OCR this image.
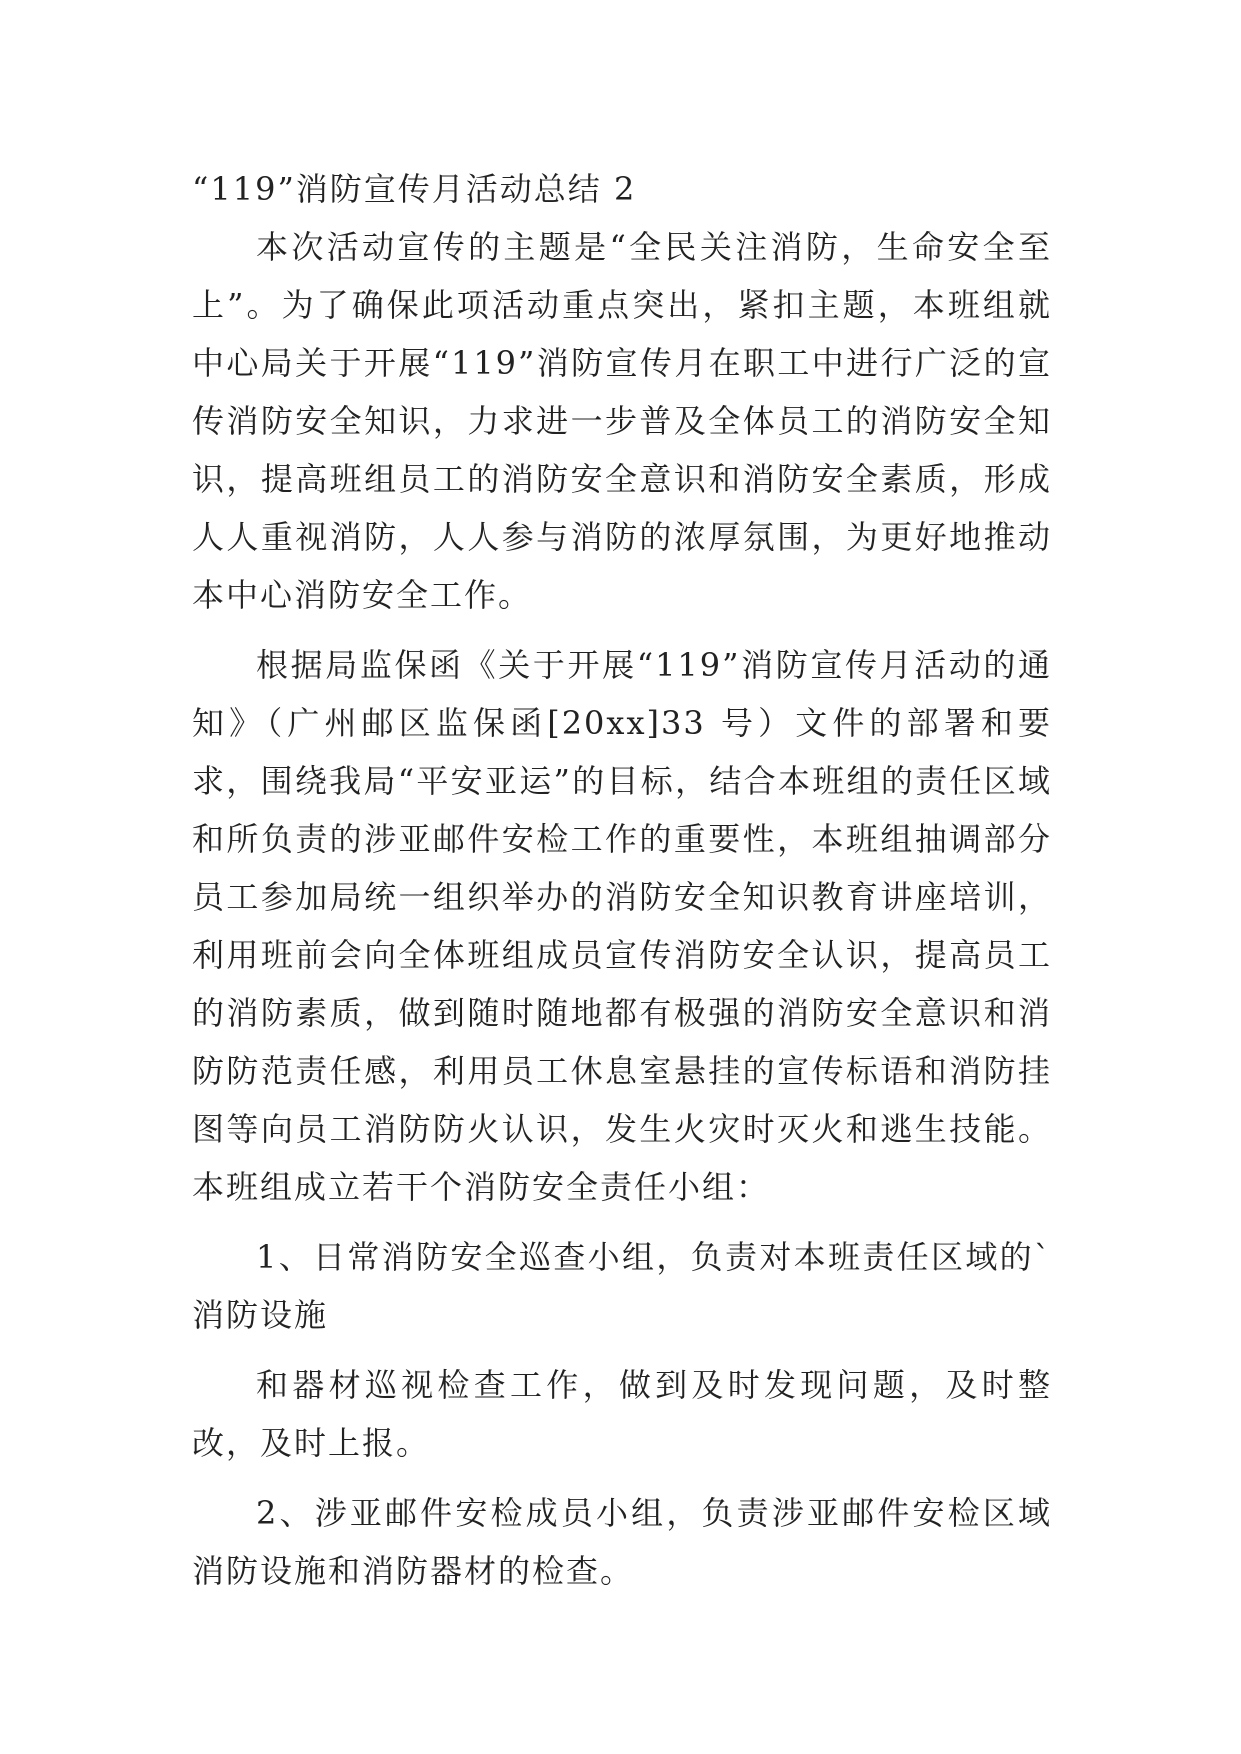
“119”消防宣传月活动总结 2

本次活动宣传的主题是“全民关注消防，生命安全至上”。为了确保此项活动重点突出，紧扣主题，本班组就中心局关于开展“119”消防宣传月在职工中进行广泛的宣传消防安全知识，力求进一步普及全体员工的消防安全知识，提高班组员工的消防安全意识和消防安全素质，形成人人重视消防，人人参与消防的浓厚氛围，为更好地推动本中心消防安全工作。

根据局监保函《关于开展“119”消防宣传月活动的通知》（广州邮区监保函[20xx]33 号）文件的部署和要求，围绕我局“平安亚运”的目标，结合本班组的责任区域和所负责的涉亚邮件安检工作的重要性，本班组抽调部分员工参加局统一组织举办的消防安全知识教育讲座培训，利用班前会向全体班组成员宣传消防安全认识，提高员工的消防素质，做到随时随地都有极强的消防安全意识和消防防范责任感，利用员工休息室悬挂的宣传标语和消防挂图等向员工消防防火认识，发生火灾时灭火和逃生技能。本班组成立若干个消防安全责任小组：

1、日常消防安全巡查小组，负责对本班责任区域的`消防设施

和器材巡视检查工作，做到及时发现问题，及时整改，及时上报。

2、涉亚邮件安检成员小组，负责涉亚邮件安检区域消防设施和消防器材的检查。
